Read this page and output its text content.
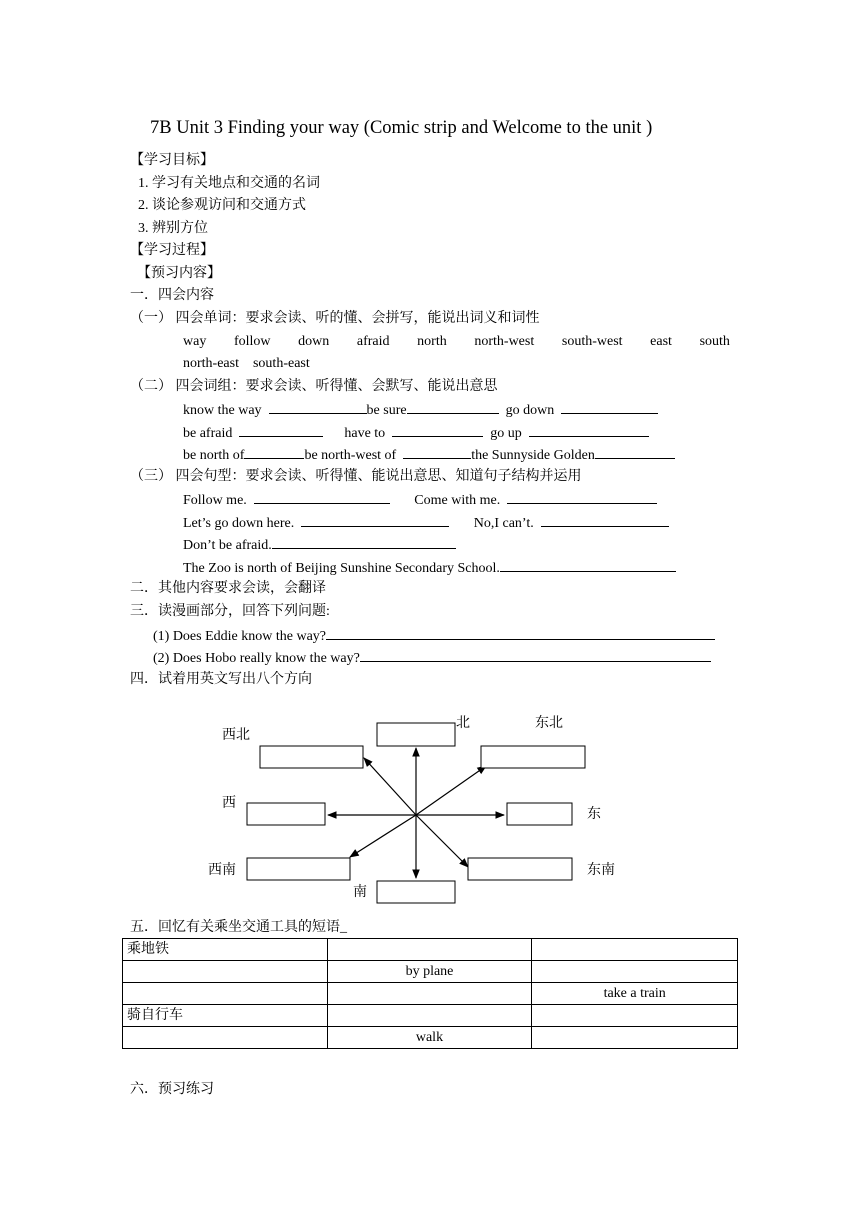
7B Unit 3 Finding your way (Comic strip and Welcome to the unit )
【学习目标】
1. 学习有关地点和交通的名词
2. 谈论参观访问和交通方式
3. 辨别方位
【学习过程】
【预习内容】
一．四会内容
（一） 四会单词：要求会读、听的懂、会拼写，能说出词义和词性
way follow down afraid north north-west south-west east south
north-east    south-east
（二） 四会词组：要求会读、听得懂、会默写、能说出意思
know the way	be sure	go down
be afraid	have to	go up
be north of	be north-west of	the Sunnyside Golden
（三） 四会句型：要求会读、听得懂、能说出意思、知道句子结构并运用
Follow me.	Come with me.
Let’s go down here.	No,I can’t.
Don’t be afraid.
The Zoo is north of Beijing Sunshine Secondary School.
二．其他内容要求会读，会翻译
三．读漫画部分，回答下列问题:
(1) Does Eddie know the way?
(2) Does Hobo really know the way?
四．试着用英文写出八个方向
西北
北	东北
西
东
西南
南
东南
五．回忆有关乘坐交通工具的短语_
乘地铁		
	by plane	
		take a train
骑自行车		
	walk	
六．预习练习
